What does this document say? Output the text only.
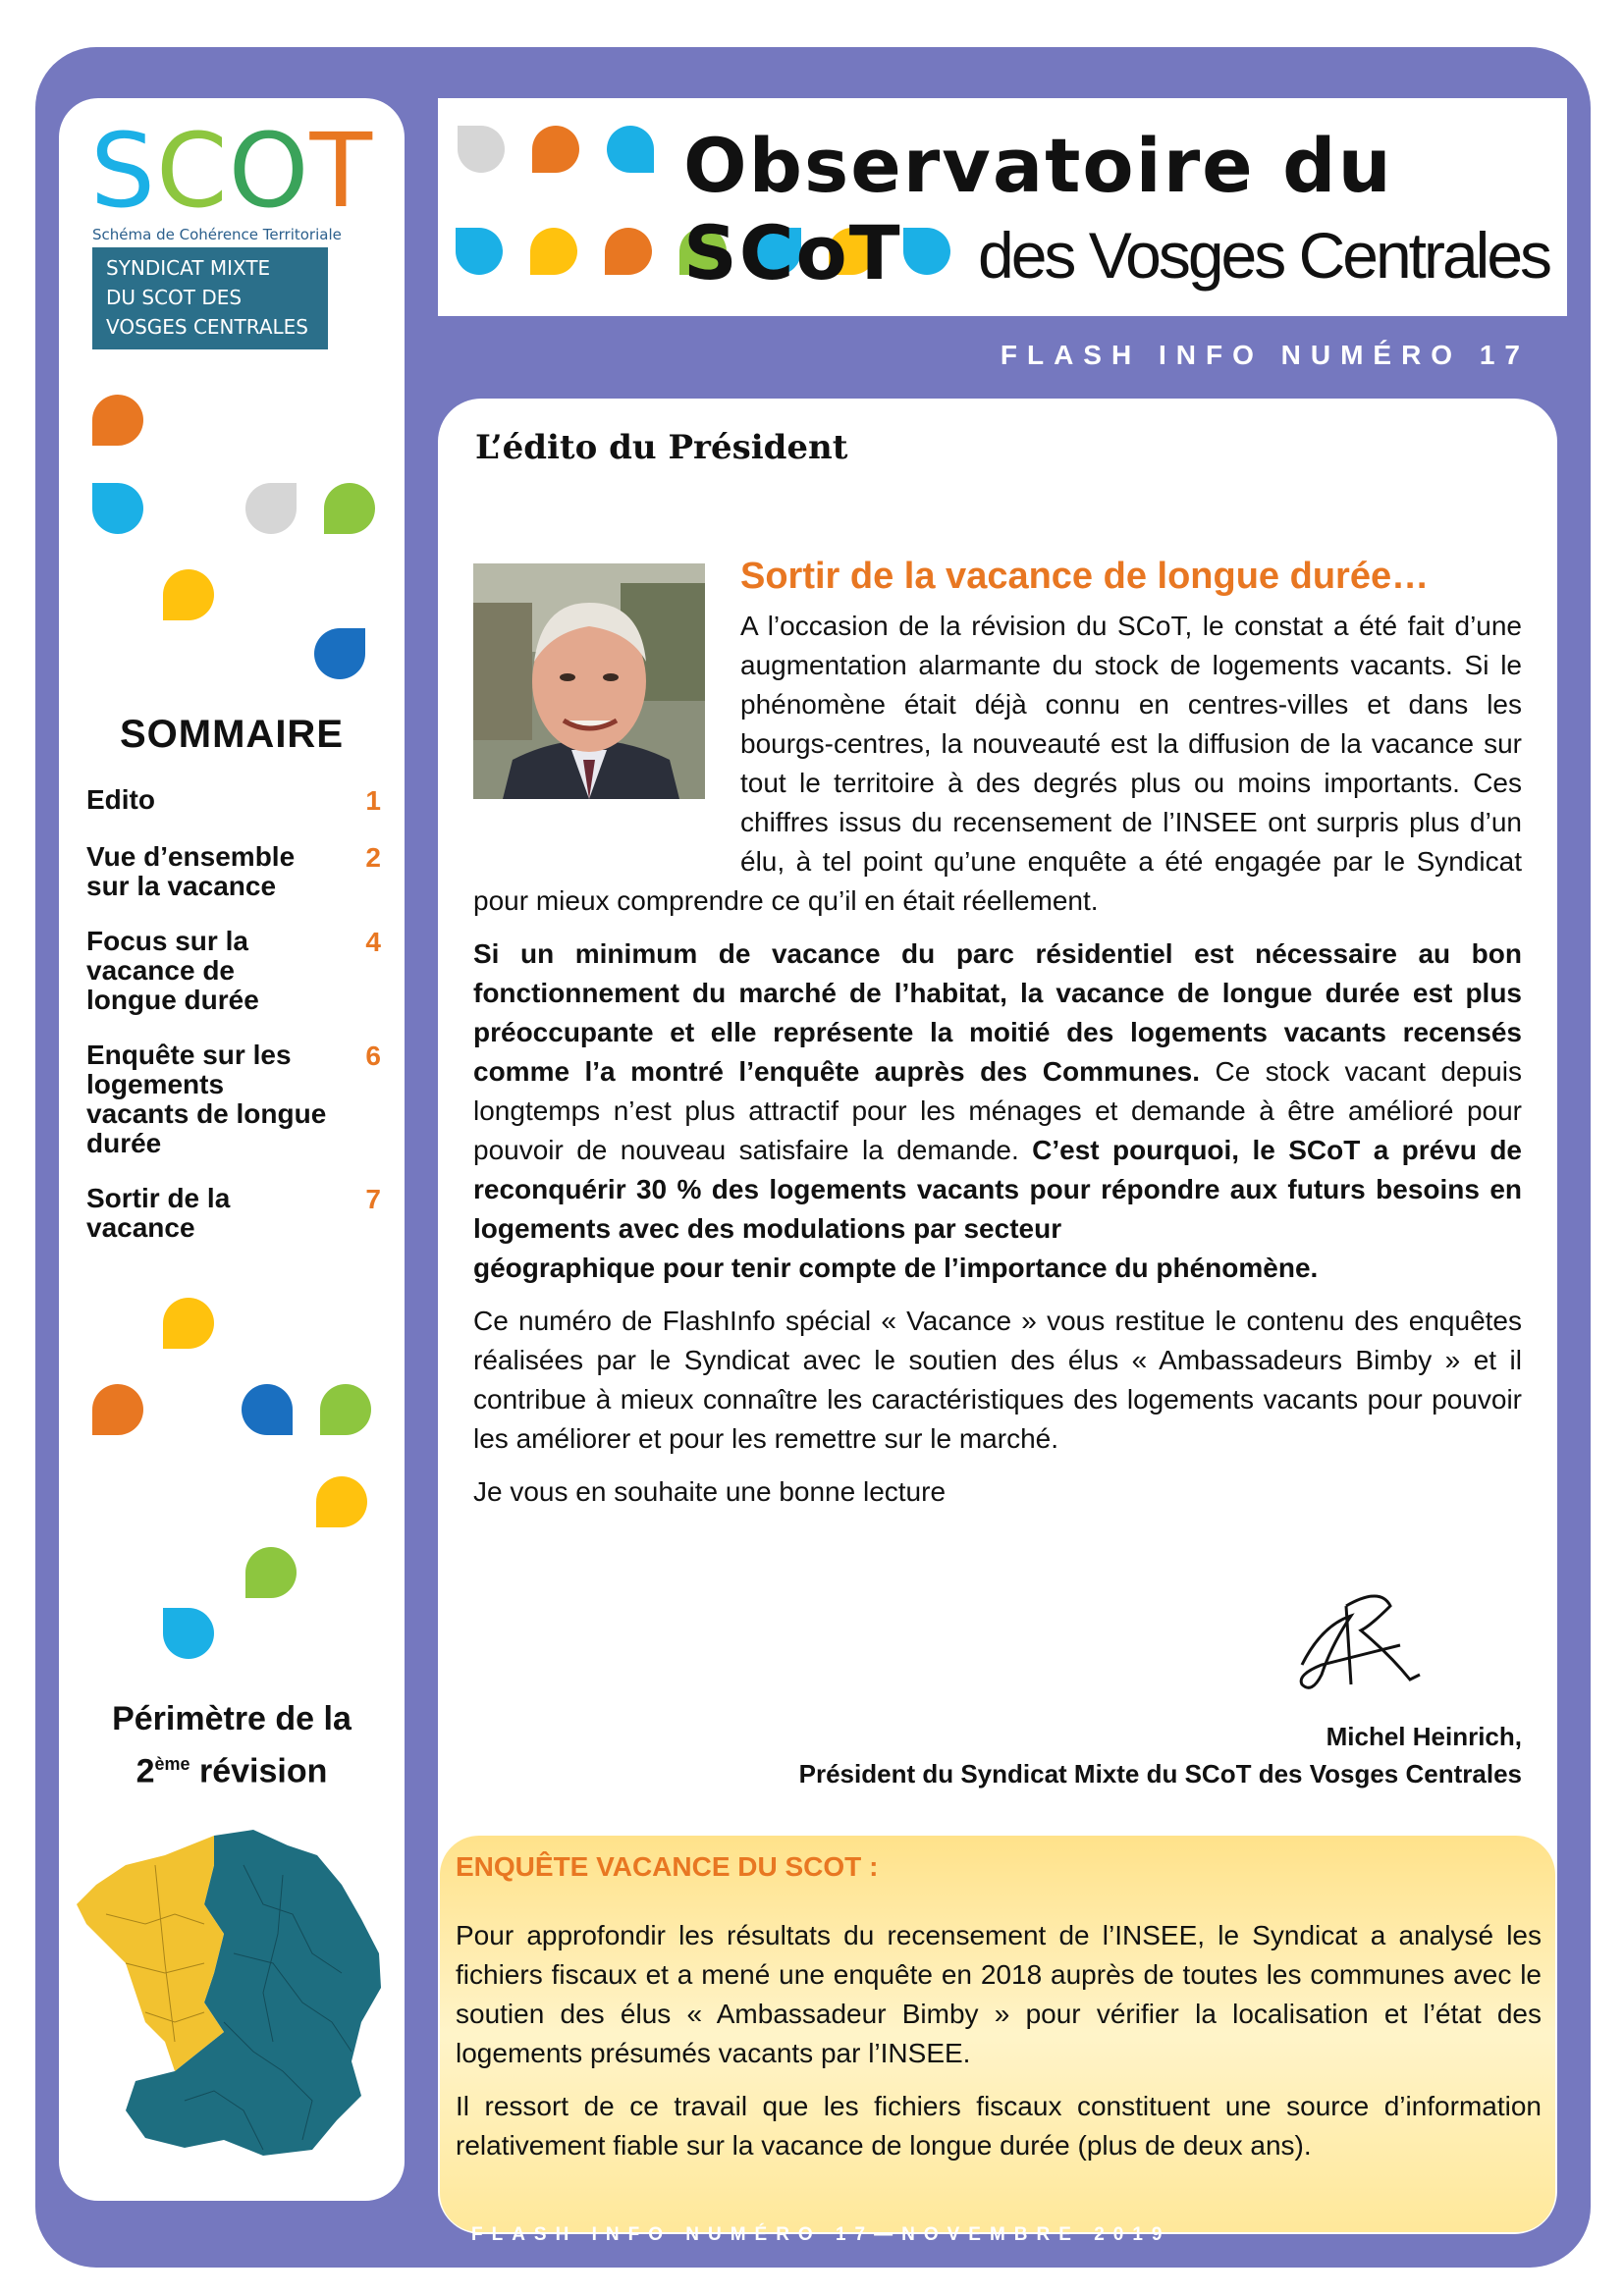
SCOT
Schéma de Cohérence Territoriale
SYNDICAT MIXTE
DU SCOT DES
VOSGES CENTRALES
SOMMAIRE
Edito	1
Vue d’ensemble sur la vacance
2
Focus sur la vacance de longue durée
4
Enquête sur les logements vacants de longue durée
6
Sortir de la vacance
7
Périmètre de la
2ème révision
Observatoire du SCoT	des Vosges Centrales
FLASH INFO NUMÉRO 17
L’édito du Président
Sortir de la vacance de longue durée…

A l’occasion de la révision du SCoT, le constat a été fait d’une augmentation alarmante du stock de logements vacants. Si le phénomène était déjà connu en centres-villes et dans les bourgs-centres, la nouveauté est la diffusion de la vacance sur tout le territoire à des degrés plus ou moins importants. Ces chiffres issus du recensement de l’INSEE ont surpris plus d’un élu, à tel point qu’une enquête a été engagée par le Syndicat pour mieux comprendre ce qu’il en était réellement.

Si un minimum de vacance du parc résidentiel est nécessaire au bon fonctionnement du marché de l’habitat, la vacance de longue durée est plus préoccupante et elle représente la moitié des logements vacants recensés comme l’a montré l’enquête auprès des Communes. Ce stock vacant depuis longtemps n’est plus attractif pour les ménages et demande à être amélioré pour pouvoir de nouveau satisfaire la demande. C’est pourquoi, le SCoT a prévu de reconquérir 30 % des logements vacants pour répondre aux futurs besoins en logements avec des modulations par secteur
géographique pour tenir compte de l’importance du phénomène.

Ce numéro de FlashInfo spécial « Vacance » vous restitue le contenu des enquêtes réalisées par le Syndicat avec le soutien des élus « Ambassadeurs Bimby » et il contribue à mieux connaître les caractéristiques des logements vacants pour pouvoir les améliorer et pour les remettre sur le marché.

Je vous en souhaite une bonne lecture

Michel Heinrich,
Président du Syndicat Mixte du SCoT des Vosges Centrales
ENQUÊTE VACANCE DU SCOT :

Pour approfondir les résultats du recensement de l’INSEE, le Syndicat a analysé les fichiers fiscaux et a mené une enquête en 2018 auprès de toutes les communes avec le soutien des élus « Ambassadeur Bimby » pour vérifier la localisation et l’état des logements présumés vacants par l’INSEE.

Il ressort de ce travail que les fichiers fiscaux constituent une source d’information relativement fiable sur la vacance de longue durée (plus de deux ans).

FLASH INFO NUMÉRO 17—NOVEMBRE 2019
